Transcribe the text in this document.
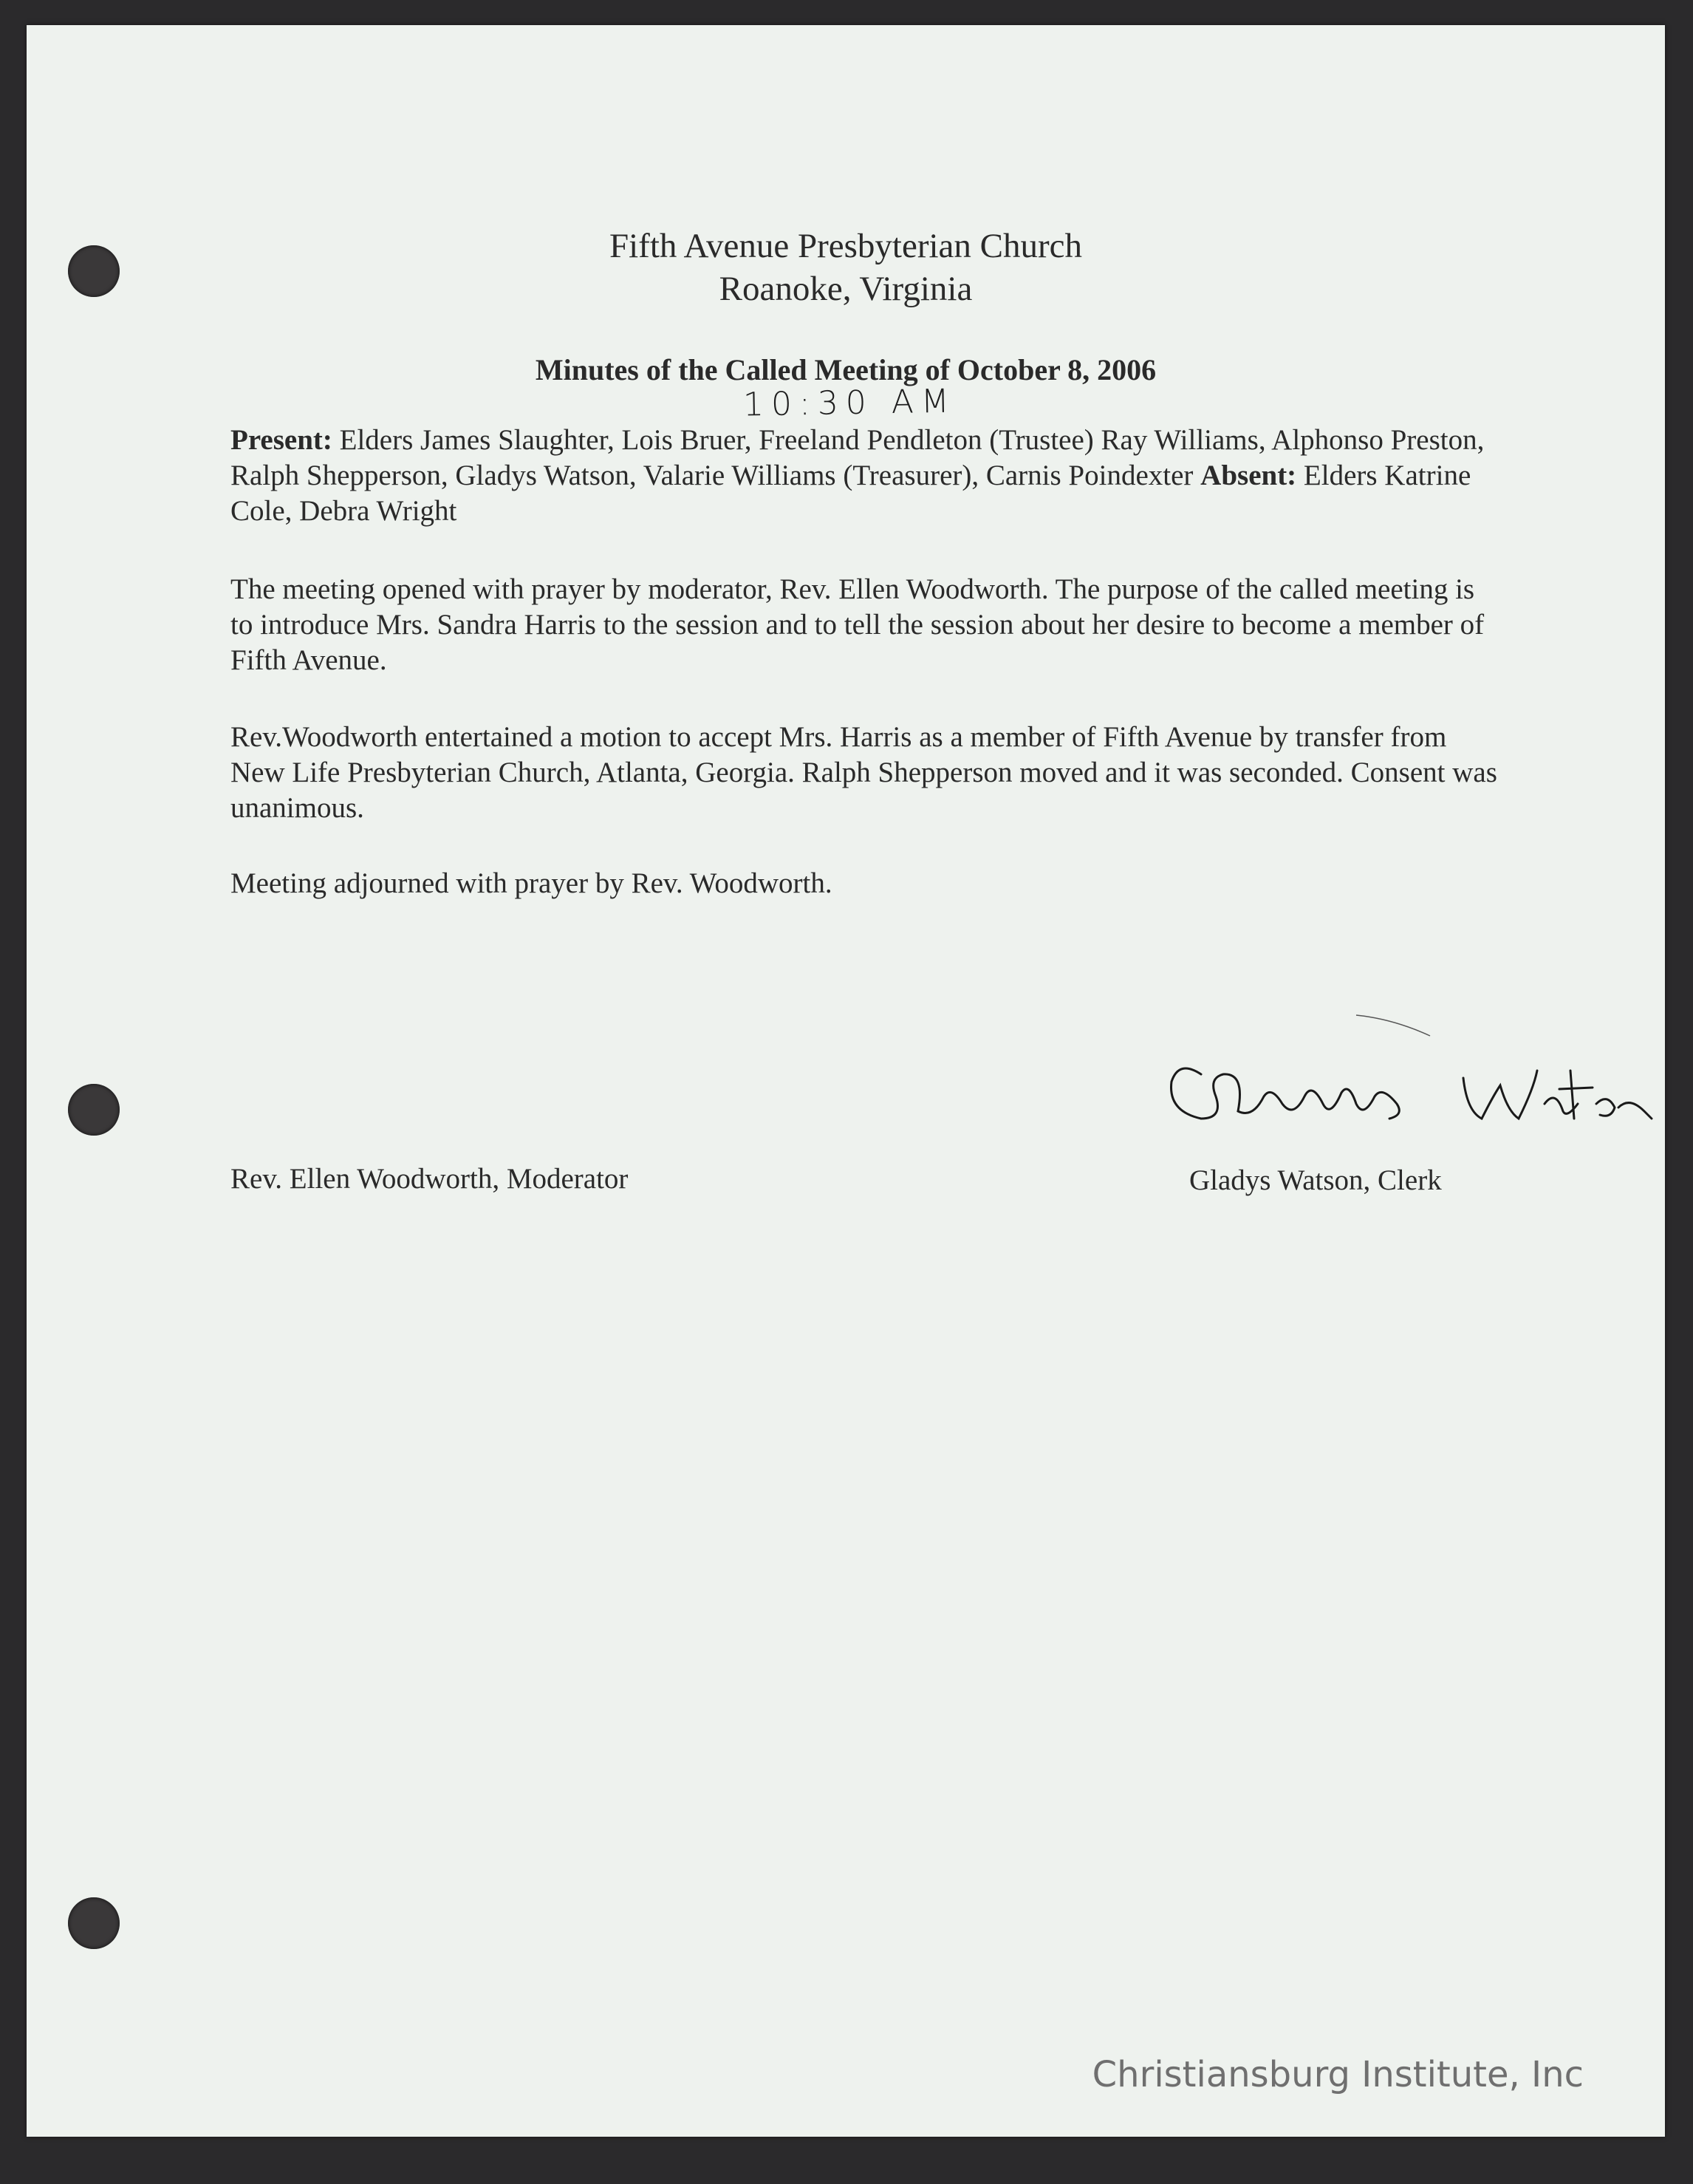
Fifth Avenue Presbyterian Church
Roanoke, Virginia
Minutes of the Called Meeting of October 8, 2006
10:30 AM
Present: Elders James Slaughter, Lois Bruer, Freeland Pendleton (Trustee) Ray Williams, Alphonso Preston, Ralph Shepperson, Gladys Watson, Valarie Williams (Treasurer), Carnis Poindexter Absent: Elders Katrine Cole, Debra Wright
The meeting opened with prayer by moderator, Rev. Ellen Woodworth. The purpose of the called meeting is to introduce Mrs. Sandra Harris to the session and to tell the session about her desire to become a member of Fifth Avenue.
Rev.Woodworth entertained a motion to accept Mrs. Harris as a member of Fifth Avenue by transfer from New Life Presbyterian Church, Atlanta, Georgia. Ralph Shepperson moved and it was seconded. Consent was unanimous.
Meeting adjourned with prayer by Rev. Woodworth.
Rev. Ellen Woodworth, Moderator	Gladys Watson, Clerk
Christiansburg Institute, Inc
